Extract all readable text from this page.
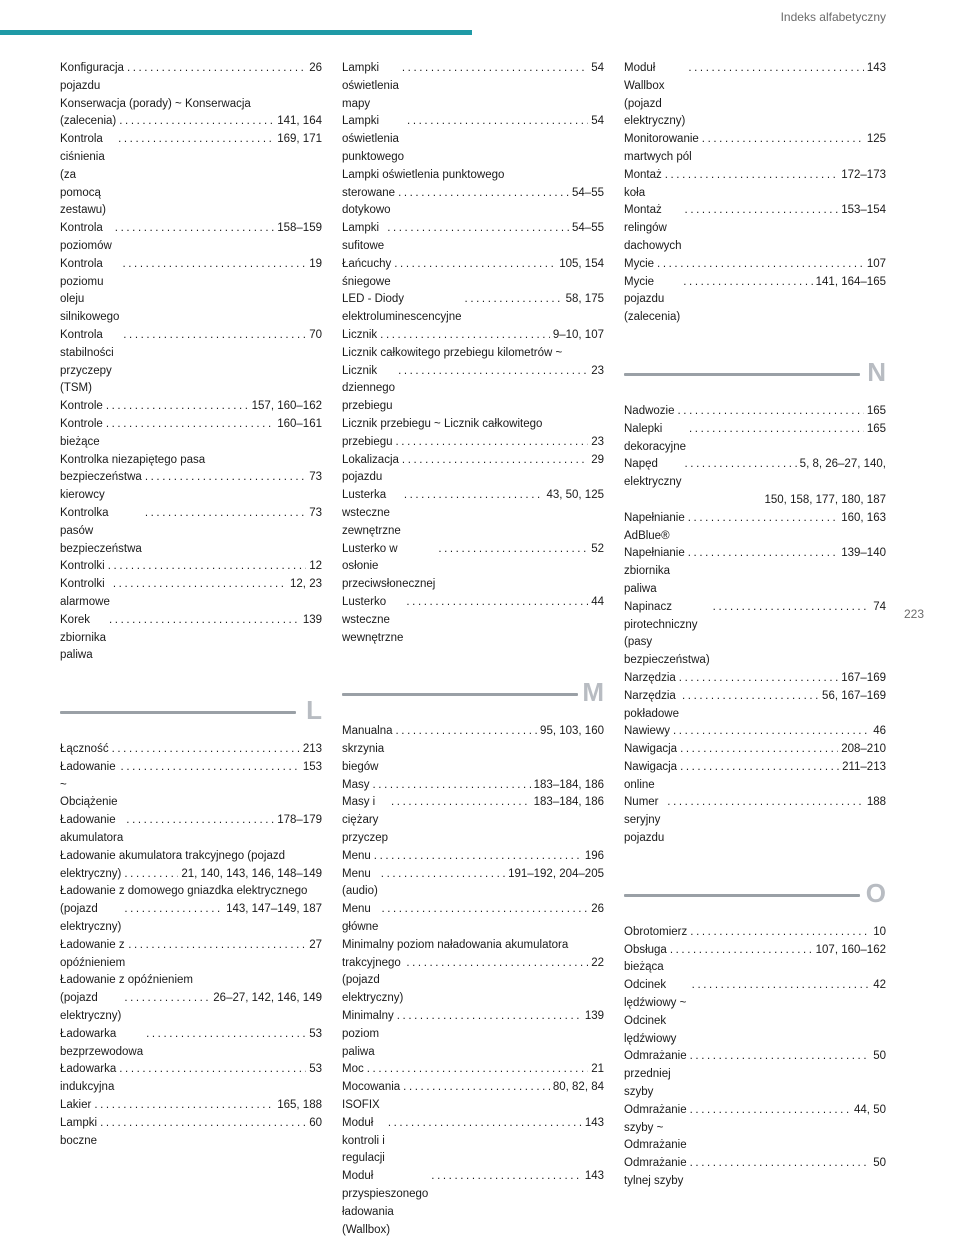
Indeks alfabetyczny
Konfiguracja pojazdu
. . .
26
Konserwacja (porady) ~ Konserwacja
(zalecenia) . . .	141, 164
Kontrola ciśnienia (za pomocą zestawu)
. . .
169, 171
Kontrola poziomów
. . .
158–159
Kontrola poziomu oleju silnikowego
. . .
19
Kontrola stabilności przyczepy (TSM)
. . .
70
Kontrole . . .	157, 160–162
Kontrole bieżące
. . .
160–161
Kontrolka niezapiętego pasa
bezpieczeństwa kierowcy
. . .
73
Kontrolka pasów bezpieczeństwa
. . .
73
Kontrolki . . .	12
Kontrolki alarmowe
. . .
12, 23
Korek zbiornika paliwa
. . .
139
L
Łączność . . .	213
Ładowanie ~ Obciążenie
. . .
153
Ładowanie akumulatora
. . .
178–179
Ładowanie akumulatora trakcyjnego (pojazd
elektryczny) . . .	21, 140, 143, 146, 148–149
Ładowanie z domowego gniazdka elektrycznego
(pojazd elektryczny)
. . .
143, 147–149, 187
Ładowanie z opóźnieniem
. . .
27
Ładowanie z opóźnieniem
(pojazd elektryczny)
. . .
26–27, 142, 146, 149
Ładowarka bezprzewodowa
. . .
53
Ładowarka indukcyjna
. . .
53
Lakier . . .	165, 188
Lampki boczne
. . .
60
Lampki oświetlenia mapy
. . .
54
Lampki oświetlenia punktowego
. . .
54
Lampki oświetlenia punktowego
sterowane dotykowo
. . .
54–55
Lampki sufitowe
. . .
54–55
Łańcuchy śniegowe
. . .
105, 154
LED - Diody elektroluminescencyjne
. . .
58, 175
Licznik . . .	9–10, 107
Licznik całkowitego przebiegu kilometrów ~
Licznik dziennego przebiegu
. . .
23
Licznik przebiegu ~ Licznik całkowitego
przebiegu . . .	23
Lokalizacja pojazdu
. . .
29
Lusterka wsteczne zewnętrzne
. . .
43, 50, 125
Lusterko w osłonie przeciwsłonecznej
. . .
52
Lusterko wsteczne wewnętrzne
. . .
44
M
Manualna skrzynia biegów
. . .
95, 103, 160
Masy . . .	183–184, 186
Masy i ciężary przyczep
. . .
183–184, 186
Menu . . .	196
Menu (audio)
. . .
191–192, 204–205
Menu główne
. . .
26
Minimalny poziom naładowania akumulatora
trakcyjnego (pojazd elektryczny)
. . .
22
Minimalny poziom paliwa
. . .
139
Moc . . .	21
Mocowania ISOFIX
. . .
80, 82, 84
Moduł kontroli i regulacji
. . .
143
Moduł przyspieszonego ładowania (Wallbox)
. . .
143
Moduł Wallbox (pojazd elektryczny)
. . .
143
Monitorowanie martwych pól
. . .
125
Montaż koła
. . .
172–173
Montaż relingów dachowych
. . .
153–154
Mycie . . .	107
Mycie pojazdu (zalecenia)
. . .
141, 164–165
N
Nadwozie . . .	165
Nalepki dekoracyjne
. . .
165
Napęd elektryczny
. . .
5, 8, 26–27, 140,
150, 158, 177, 180, 187
Napełnianie AdBlue®
. . .
160, 163
Napełnianie zbiornika paliwa
. . .
139–140
Napinacz pirotechniczny (pasy bezpieczeństwa)
. . .
74
Narzędzia . . .	167–169
Narzędzia pokładowe
. . .
56, 167–169
Nawiewy . . .	46
Nawigacja . . .	208–210
Nawigacja online
. . .
211–213
Numer seryjny pojazdu
. . .
188
O
Obrotomierz . . .	10
Obsługa bieżąca
. . .
107, 160–162
Odcinek lędźwiowy ~ Odcinek lędźwiowy
. . .
42
Odmrażanie przedniej szyby
. . .
50
Odmrażanie szyby ~ Odmrażanie
. . .
44, 50
Odmrażanie tylnej szyby
. . .
50
223
